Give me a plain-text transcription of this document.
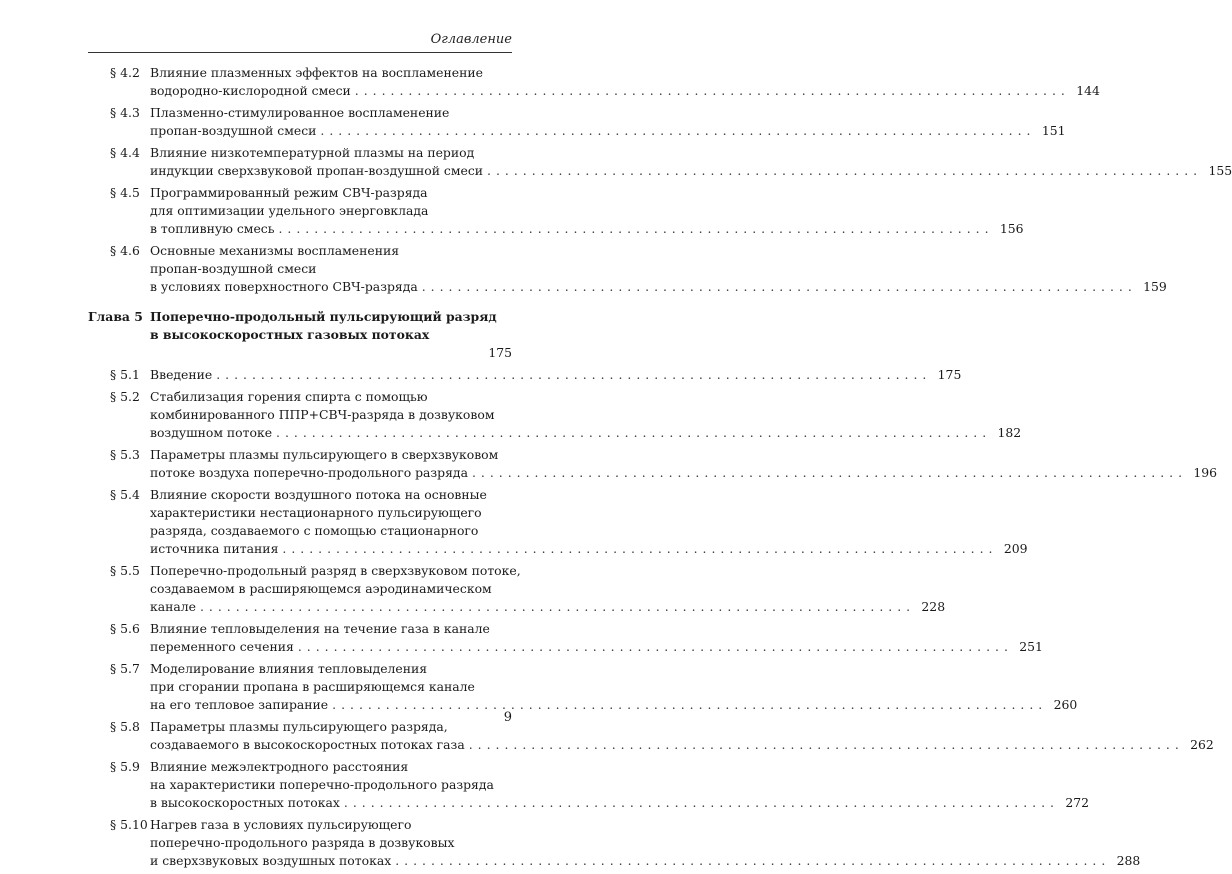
Оглавление
§ 4.2 Влияние плазменных эффектов на воспламенение
водородно-кислородной смеси ................................................................................ 144
§ 4.3 Плазменно-стимулированное воспламенение
пропан-воздушной смеси ................................................................................ 151
§ 4.4 Влияние низкотемпературной плазмы на период
индукции сверхзвуковой пропан-воздушной смеси ................................................................................ 155
§ 4.5 Программированный режим СВЧ-разряда
для оптимизации удельного энерговклада
в топливную смесь ................................................................................ 156
§ 4.6 Основные механизмы воспламенения
пропан-воздушной смеси
в условиях поверхностного СВЧ-разряда ................................................................................ 159
Глава 5 Поперечно-продольный пульсирующий разряд
в высокоскоростных газовых потоках
175
§ 5.1 Введение ................................................................................ 175
§ 5.2 Стабилизация горения спирта с помощью
комбинированного ППР+СВЧ-разряда в дозвуковом
воздушном потоке ................................................................................ 182
§ 5.3 Параметры плазмы пульсирующего в сверхзвуковом
потоке воздуха поперечно-продольного разряда ................................................................................ 196
§ 5.4 Влияние скорости воздушного потока на основные
характеристики нестационарного пульсирующего
разряда, создаваемого с помощью стационарного
источника питания ................................................................................ 209
§ 5.5 Поперечно-продольный разряд в сверхзвуковом потоке,
создаваемом в расширяющемся аэродинамическом
канале ................................................................................ 228
§ 5.6 Влияние тепловыделения на течение газа в канале
переменного сечения ................................................................................ 251
§ 5.7 Моделирование влияния тепловыделения
при сгорании пропана в расширяющемся канале
на его тепловое запирание ................................................................................ 260
§ 5.8 Параметры плазмы пульсирующего разряда,
создаваемого в высокоскоростных потоках газа ................................................................................ 262
§ 5.9 Влияние межэлектродного расстояния
на характеристики поперечно-продольного разряда
в высокоскоростных потоках ................................................................................ 272
§ 5.10 Нагрев газа в условиях пульсирующего
поперечно-продольного разряда в дозвуковых
и сверхзвуковых воздушных потоках ................................................................................ 288
9
